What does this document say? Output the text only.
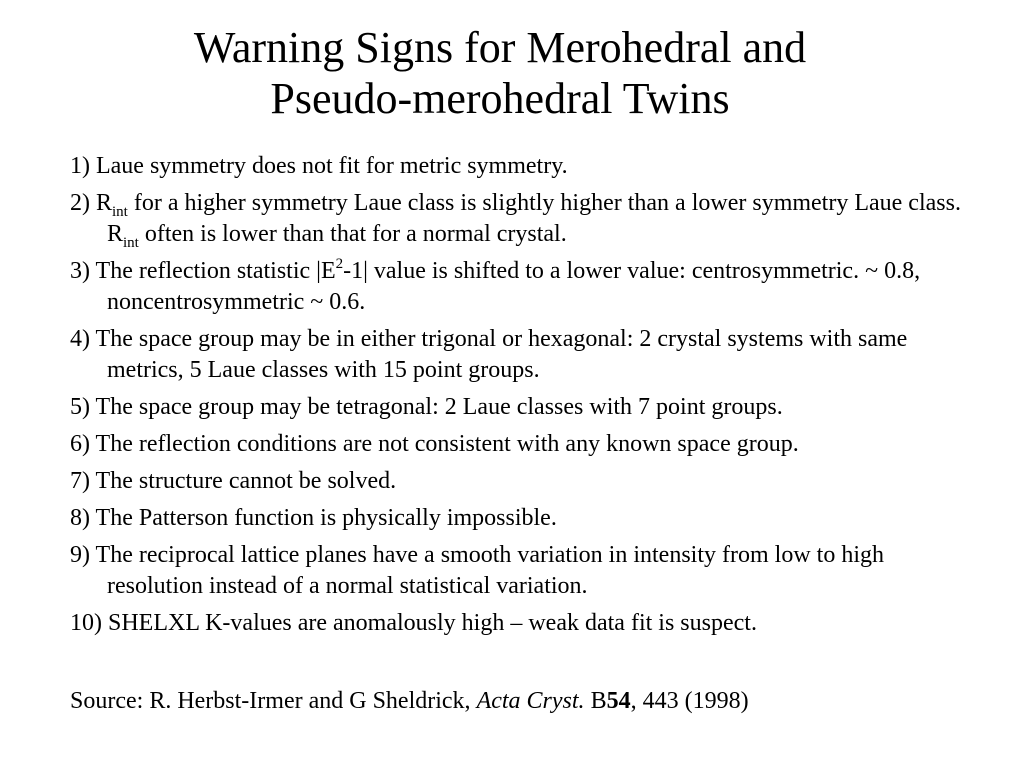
Warning Signs for Merohedral and
Pseudo-merohedral Twins
1) Laue symmetry does not fit for metric symmetry.
2) $R_{int}$ for a higher symmetry Laue class is slightly higher than a lower symmetry Laue class. $R_{int}$ often is lower than that for a normal crystal.
3) The reflection statistic $|E^2-1|$ value is shifted to a lower value: centrosymmetric. ~ 0.8, noncentrosymmetric ~ 0.6.
4) The space group may be in either trigonal or hexagonal: 2 crystal systems with same metrics, 5 Laue classes with 15 point groups.
5) The space group may be tetragonal: 2 Laue classes with 7 point groups.
6) The reflection conditions are not consistent with any known space group.
7) The structure cannot be solved.
8) The Patterson function is physically impossible.
9) The reciprocal lattice planes have a smooth variation in intensity from low to high resolution instead of a normal statistical variation.
10) SHELXL K-values are anomalously high – weak data fit is suspect.
Source: R. Herbst-Irmer and G Sheldrick, Acta Cryst. B54, 443 (1998)
